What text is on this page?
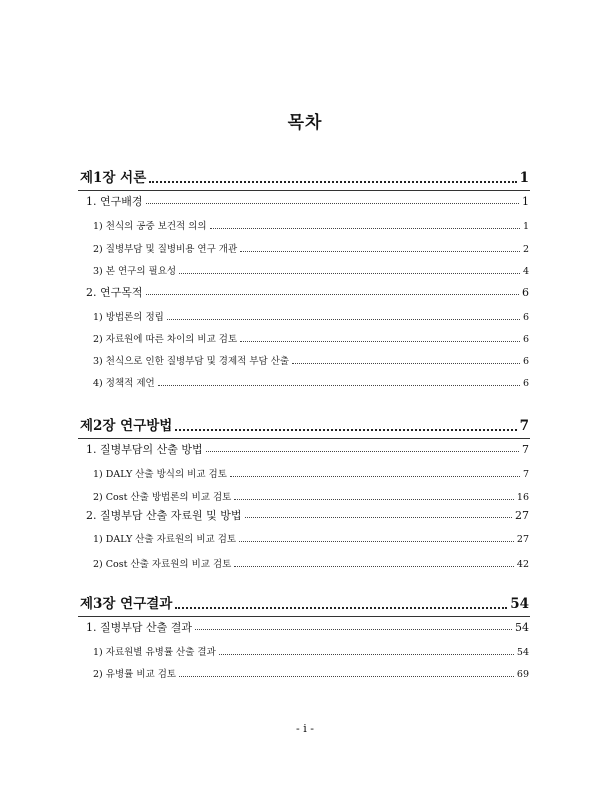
목차
제1장 서론	1
1. 연구배경	1
1) 천식의 공중 보건적 의의	1
2) 질병부담 및 질병비용 연구 개관	2
3) 본 연구의 필요성	4
2. 연구목적	6
1) 방법론의 정립	6
2) 자료원에 따른 차이의 비교 검토	6
3) 천식으로 인한 질병부담 및 경제적 부담 산출	6
4) 정책적 제언	6
제2장 연구방법	7
1. 질병부담의 산출 방법	7
1) DALY 산출 방식의 비교 검토	7
2) Cost 산출 방법론의 비교 검토	16
2. 질병부담 산출 자료원 및 방법	27
1) DALY 산출 자료원의 비교 검토	27
2) Cost 산출 자료원의 비교 검토	42
제3장 연구결과	54
1. 질병부담 산출 결과	54
1) 자료원별 유병률 산출 결과	54
2) 유병률 비교 검토	69
- i -
